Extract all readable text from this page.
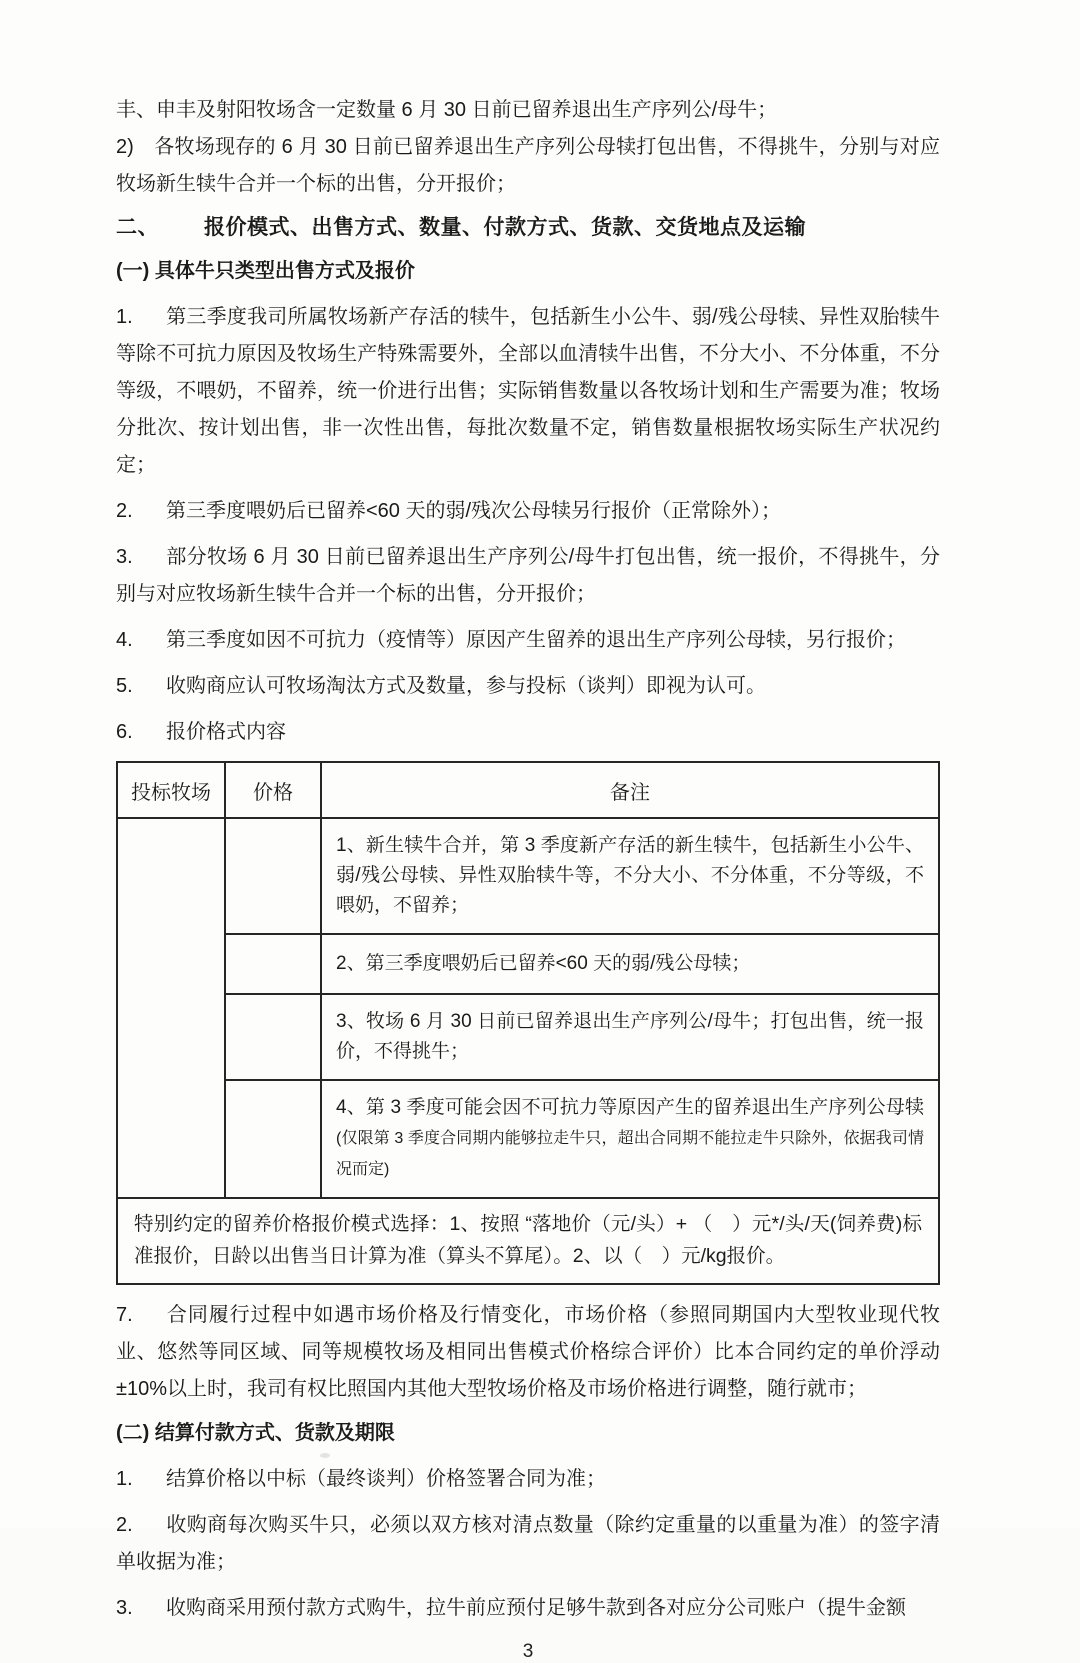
丰、申丰及射阳牧场含一定数量 6 月 30 日前已留养退出生产序列公/母牛；

2) 各牧场现存的 6 月 30 日前已留养退出生产序列公母犊打包出售，不得挑牛，分别与对应牧场新生犊牛合并一个标的出售，分开报价；

二、 报价模式、出售方式、数量、付款方式、货款、交货地点及运输

(一) 具体牛只类型出售方式及报价

1. 第三季度我司所属牧场新产存活的犊牛，包括新生小公牛、弱/残公母犊、异性双胎犊牛等除不可抗力原因及牧场生产特殊需要外，全部以血清犊牛出售，不分大小、不分体重，不分等级，不喂奶，不留养，统一价进行出售；实际销售数量以各牧场计划和生产需要为准；牧场分批次、按计划出售，非一次性出售，每批次数量不定，销售数量根据牧场实际生产状况约定；

2. 第三季度喂奶后已留养<60 天的弱/残次公母犊另行报价（正常除外）；

3. 部分牧场 6 月 30 日前已留养退出生产序列公/母牛打包出售，统一报价，不得挑牛，分别与对应牧场新生犊牛合并一个标的出售，分开报价；

4. 第三季度如因不可抗力（疫情等）原因产生留养的退出生产序列公母犊，另行报价；

5. 收购商应认可牧场淘汰方式及数量，参与投标（谈判）即视为认可。

6. 报价格式内容

投标牧场	价格	备注
		1、新生犊牛合并，第 3 季度新产存活的新生犊牛，包括新生小公牛、弱/残公母犊、异性双胎犊牛等，不分大小、不分体重，不分等级，不喂奶，不留养；
		2、第三季度喂奶后已留养<60 天的弱/残公母犊；
		3、牧场 6 月 30 日前已留养退出生产序列公/母牛；打包出售，统一报价，不得挑牛；
		4、第 3 季度可能会因不可抗力等原因产生的留养退出生产序列公母犊 (仅限第 3 季度合同期内能够拉走牛只，超出合同期不能拉走牛只除外，依据我司情况而定)
特别约定的留养价格报价模式选择：1、按照 “落地价（元/头）+ （　）元*/头/天(饲养费)标准报价，日龄以出售当日计算为准（算头不算尾）。2、以（　）元/kg报价。		

7. 合同履行过程中如遇市场价格及行情变化，市场价格（参照同期国内大型牧业现代牧业、悠然等同区域、同等规模牧场及相同出售模式价格综合评价）比本合同约定的单价浮动±10%以上时，我司有权比照国内其他大型牧场价格及市场价格进行调整，随行就市；

(二) 结算付款方式、货款及期限

1. 结算价格以中标（最终谈判）价格签署合同为准；

2. 收购商每次购买牛只，必须以双方核对清点数量（除约定重量的以重量为准）的签字清单收据为准；

3. 收购商采用预付款方式购牛，拉牛前应预付足够牛款到各对应分公司账户（提牛金额

3
